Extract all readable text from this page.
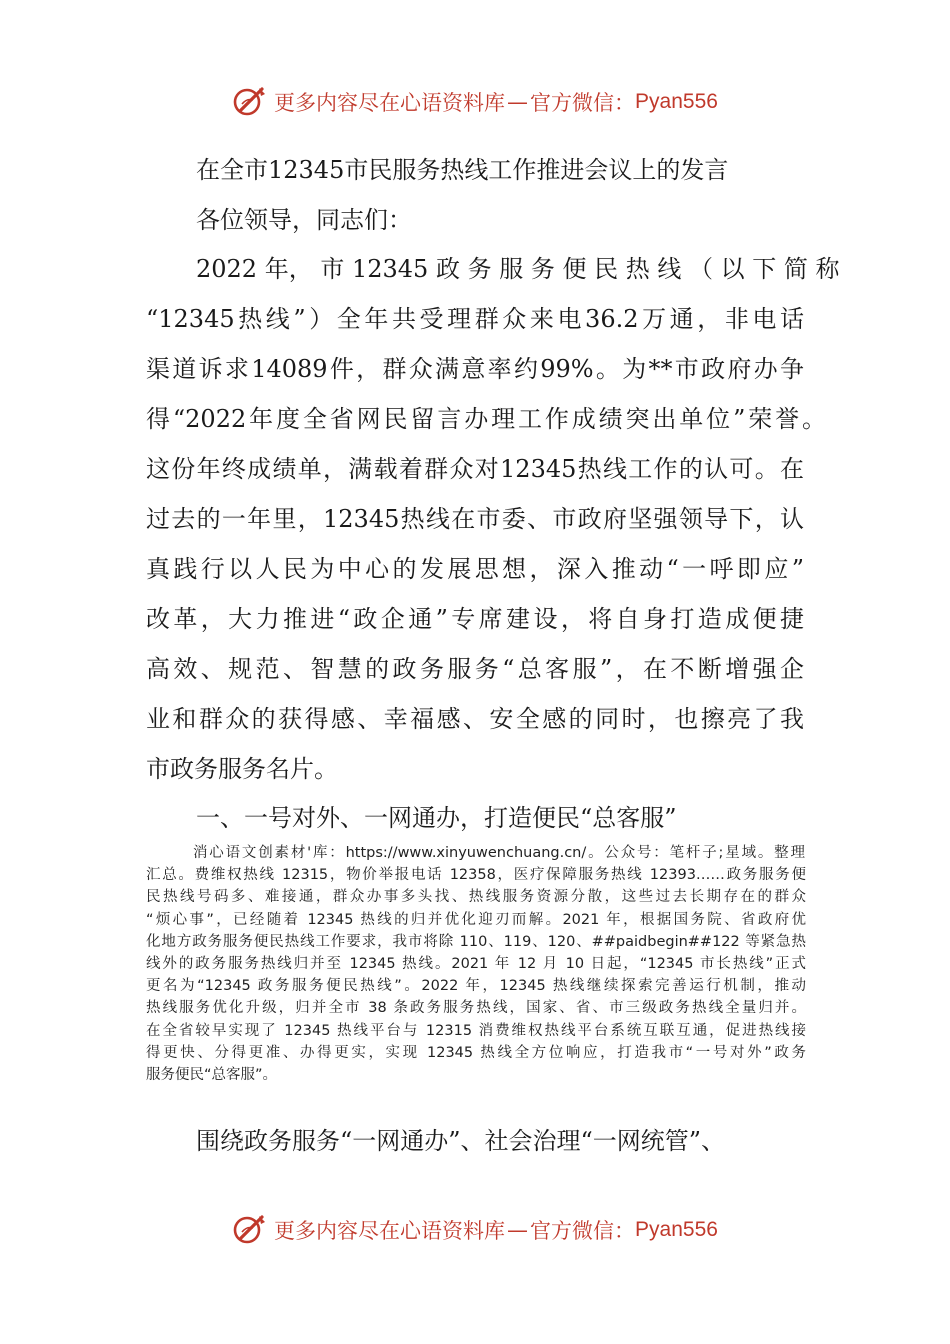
更多内容尽在心语资料库 — 官方微信： Pyan556
在全市12345市民服务热线工作推进会议上的发言
各位领导，同志们：
2022 年， 市 12345 政 务 服 务 便 民 热 线 （ 以 下 简 称
“12345热线”）全年共受理群众来电36.2万通，非电话
渠道诉求14089件，群众满意率约99%。为**市政府办争
得“2022年度全省网民留言办理工作成绩突出单位”荣誉。
这份年终成绩单，满载着群众对12345热线工作的认可。在
过去的一年里，12345热线在市委、市政府坚强领导下，认
真践行以人民为中心的发展思想，深入推动“一呼即应”
改革，大力推进“政企通”专席建设，将自身打造成便捷
高效、规范、智慧的政务服务“总客服”，在不断增强企
业和群众的获得感、幸福感、安全感的同时，也擦亮了我
市政务服务名片。
一、一号对外、一网通办，打造便民“总客服”
消心语文创素材'库：https://www.xinyuwenchuang.cn/。公众号：笔杆子;星域。整理
汇总。费维权热线 12315，物价举报电话 12358，医疗保障服务热线 12393……政务服务便
民热线号码多、难接通，群众办事多头找、热线服务资源分散，这些过去长期存在的群众
“烦心事”，已经随着 12345 热线的归并优化迎刃而解。2021 年，根据国务院、省政府优
化地方政务服务便民热线工作要求，我市将除 110、119、120、##paidbegin##122 等紧急热
线外的政务服务热线归并至 12345 热线。2021 年 12 月 10 日起，“12345 市长热线”正式
更名为“12345 政务服务便民热线”。2022 年，12345 热线继续探索完善运行机制，推动
热线服务优化升级，归并全市 38 条政务服务热线，国家、省、市三级政务热线全量归并。
在全省较早实现了 12345 热线平台与 12315 消费维权热线平台系统互联互通，促进热线接
得更快、分得更准、办得更实，实现 12345 热线全方位响应，打造我市“一号对外”政务
服务便民“总客服”。
围绕政务服务“一网通办”、社会治理“一网统管”、
更多内容尽在心语资料库 — 官方微信： Pyan556
